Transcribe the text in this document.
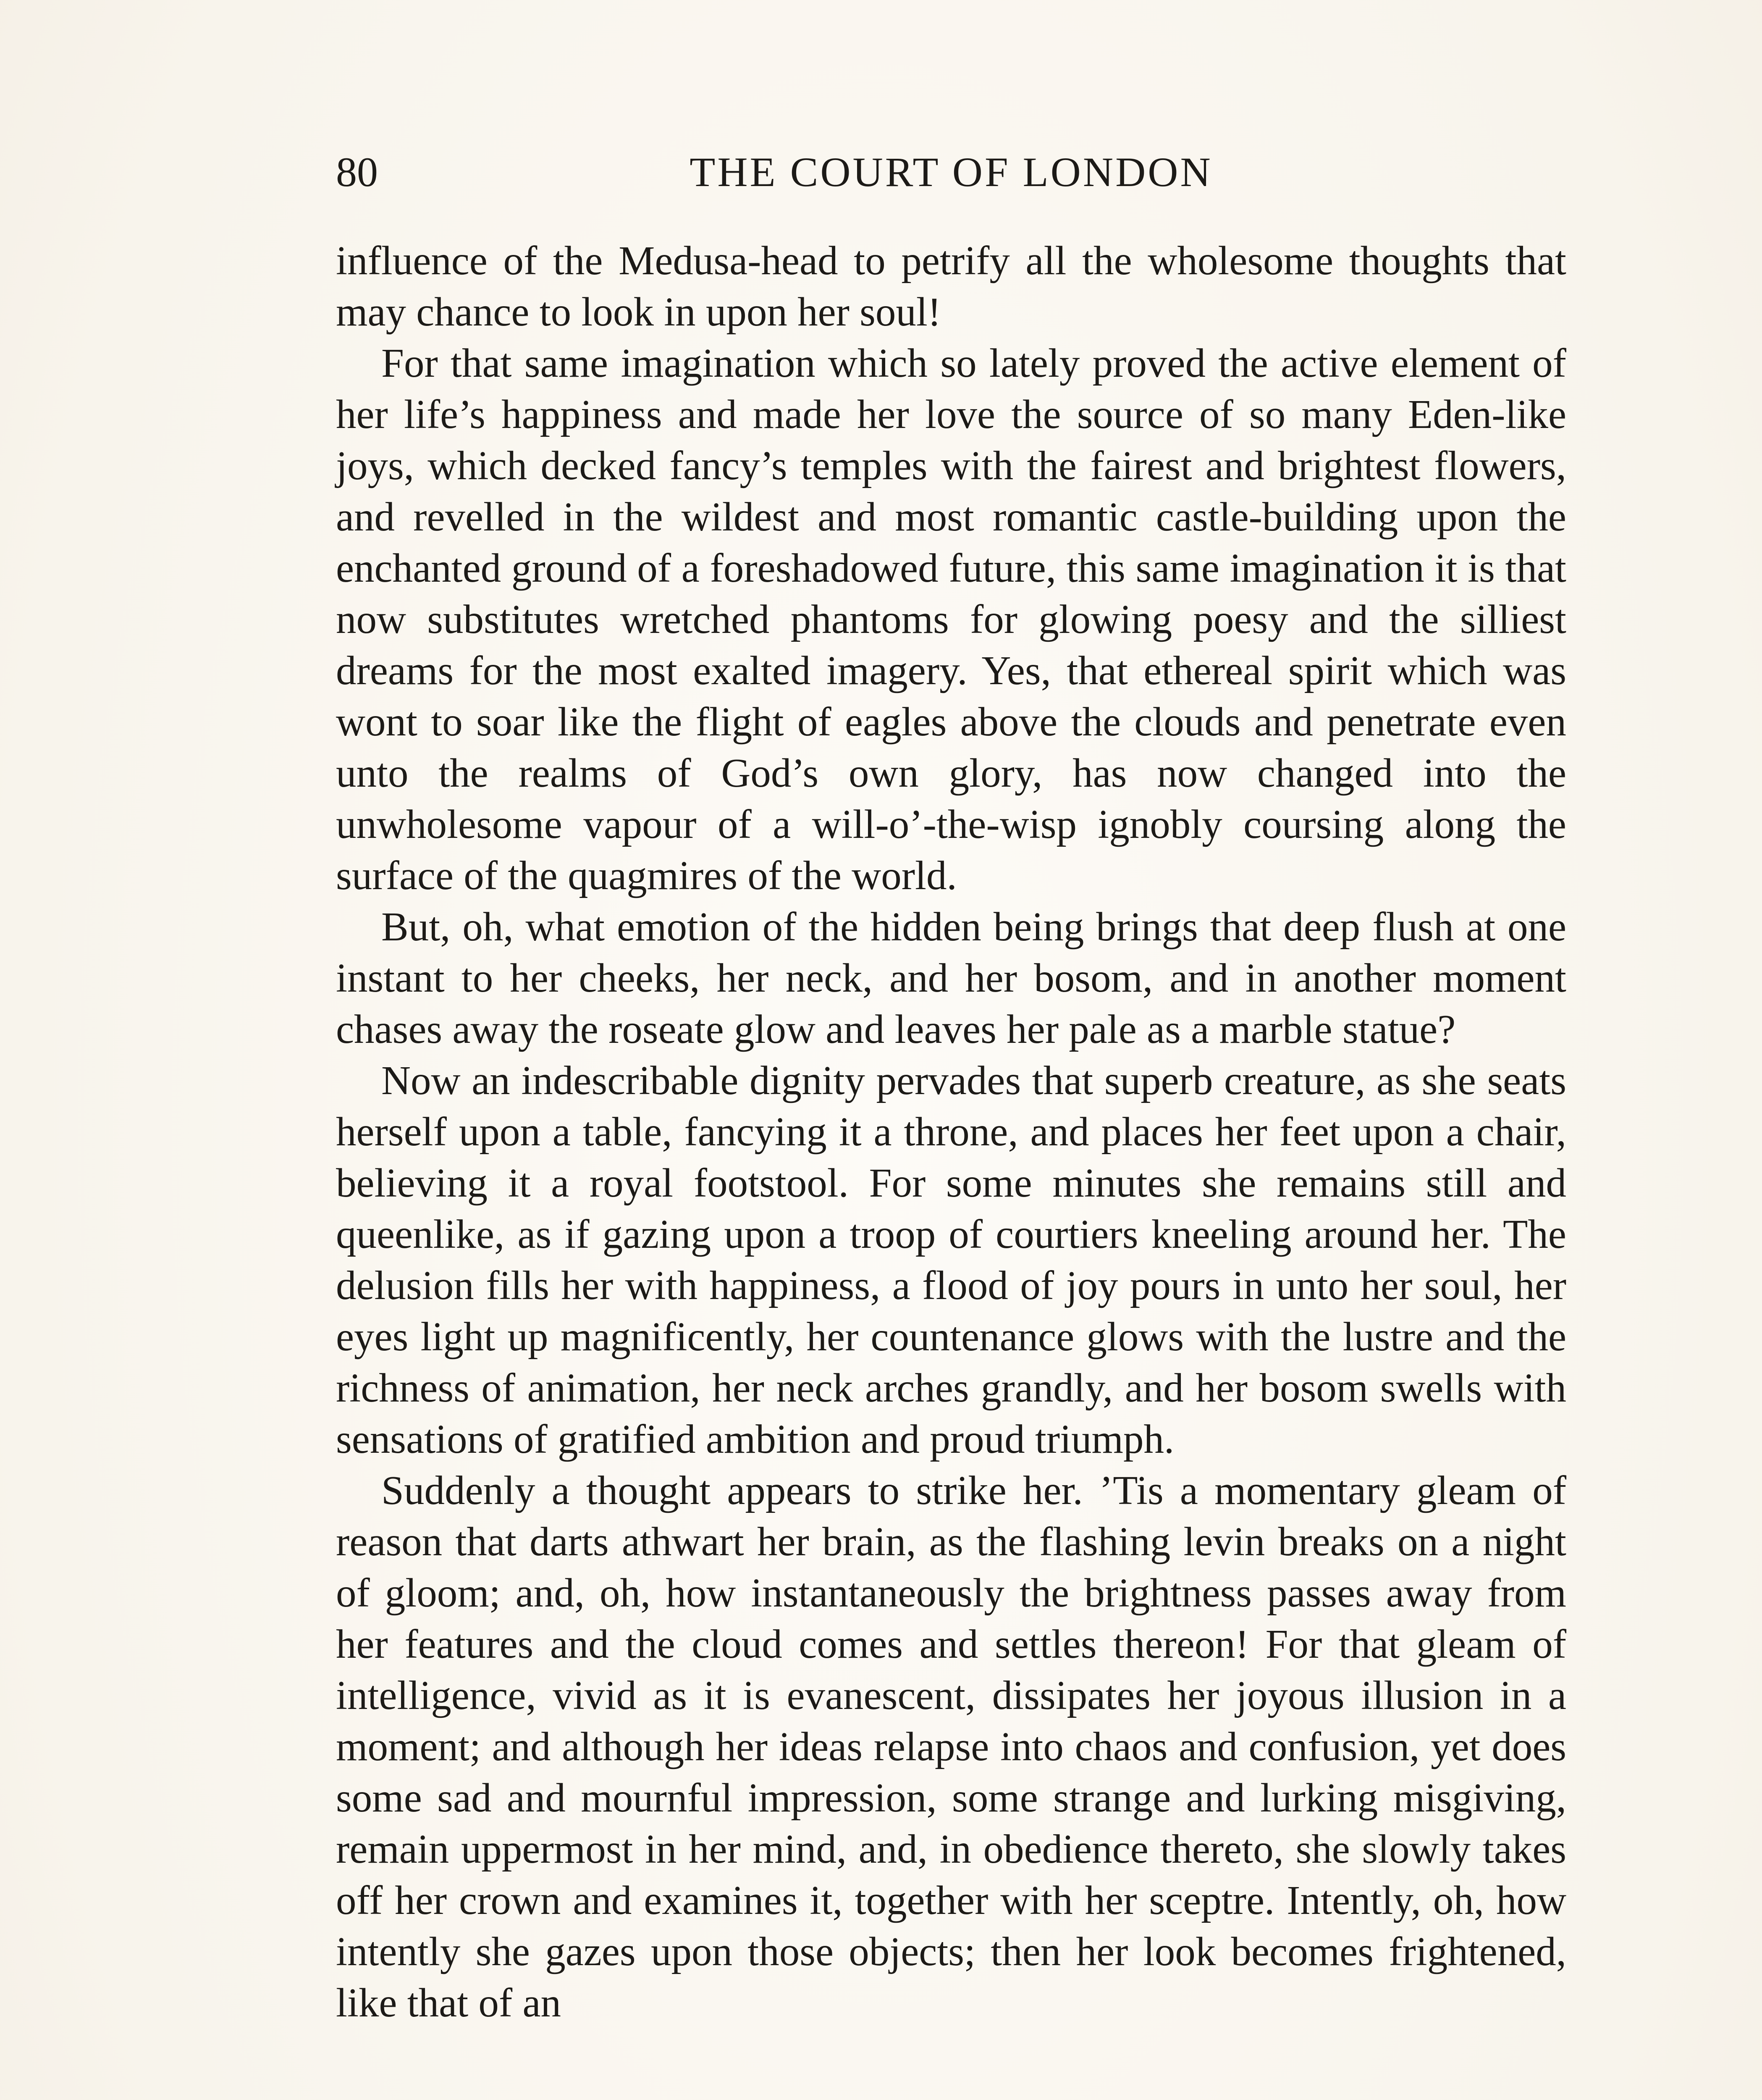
80	THE COURT OF LONDON

influence of the Medusa-head to petrify all the wholesome thoughts that may chance to look in upon her soul!

For that same imagination which so lately proved the active element of her life’s happiness and made her love the source of so many Eden-like joys, which decked fancy’s temples with the fairest and brightest flowers, and revelled in the wildest and most romantic castle-building upon the enchanted ground of a foreshadowed future, this same imagination it is that now substitutes wretched phantoms for glowing poesy and the silliest dreams for the most exalted imagery. Yes, that ethereal spirit which was wont to soar like the flight of eagles above the clouds and penetrate even unto the realms of God’s own glory, has now changed into the unwholesome vapour of a will-o’-the-wisp ignobly coursing along the surface of the quagmires of the world.

But, oh, what emotion of the hidden being brings that deep flush at one instant to her cheeks, her neck, and her bosom, and in another moment chases away the roseate glow and leaves her pale as a marble statue?

Now an indescribable dignity pervades that superb creature, as she seats herself upon a table, fancying it a throne, and places her feet upon a chair, believing it a royal footstool. For some minutes she remains still and queenlike, as if gazing upon a troop of courtiers kneeling around her. The delusion fills her with happiness, a flood of joy pours in unto her soul, her eyes light up magnificently, her countenance glows with the lustre and the richness of animation, her neck arches grandly, and her bosom swells with sensations of gratified ambition and proud triumph.

Suddenly a thought appears to strike her. ’Tis a momentary gleam of reason that darts athwart her brain, as the flashing levin breaks on a night of gloom; and, oh, how instantaneously the brightness passes away from her features and the cloud comes and settles thereon! For that gleam of intelligence, vivid as it is evanescent, dissipates her joyous illusion in a moment; and although her ideas relapse into chaos and confusion, yet does some sad and mournful impression, some strange and lurking misgiving, remain uppermost in her mind, and, in obedience thereto, she slowly takes off her crown and examines it, together with her sceptre. Intently, oh, how intently she gazes upon those objects; then her look becomes frightened, like that of an
